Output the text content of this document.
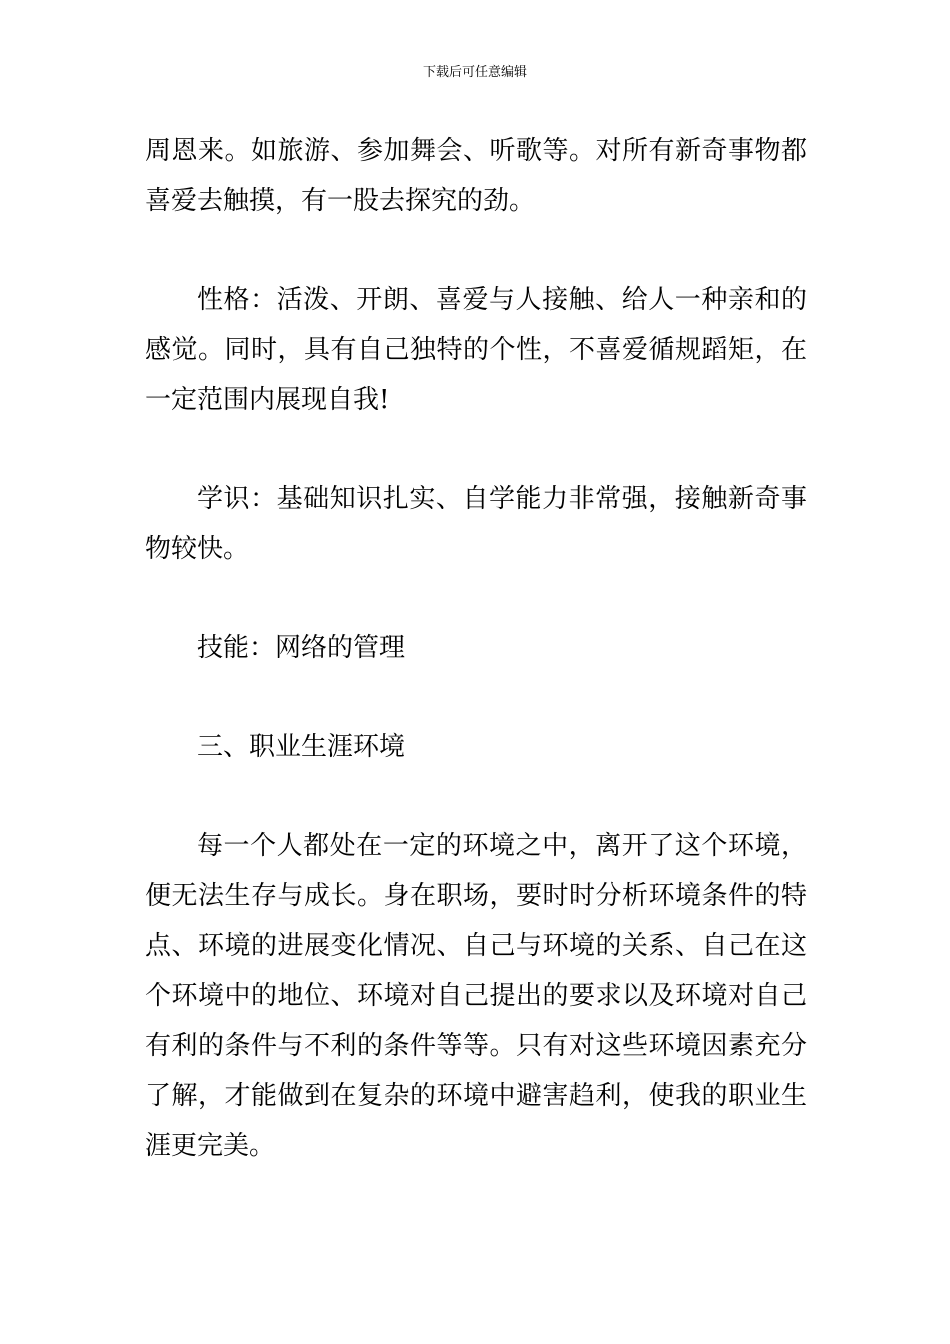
下载后可任意编辑

周恩来。如旅游、参加舞会、听歌等。对所有新奇事物都喜爱去触摸，有一股去探究的劲。

性格：活泼、开朗、喜爱与人接触、给人一种亲和的感觉。同时，具有自己独特的个性，不喜爱循规蹈矩，在一定范围内展现自我!

学识：基础知识扎实、自学能力非常强，接触新奇事物较快。

技能：网络的管理

三、职业生涯环境

每一个人都处在一定的环境之中，离开了这个环境，便无法生存与成长。身在职场，要时时分析环境条件的特点、环境的进展变化情况、自己与环境的关系、自己在这个环境中的地位、环境对自己提出的要求以及环境对自己有利的条件与不利的条件等等。只有对这些环境因素充分了解，才能做到在复杂的环境中避害趋利，使我的职业生涯更完美。
